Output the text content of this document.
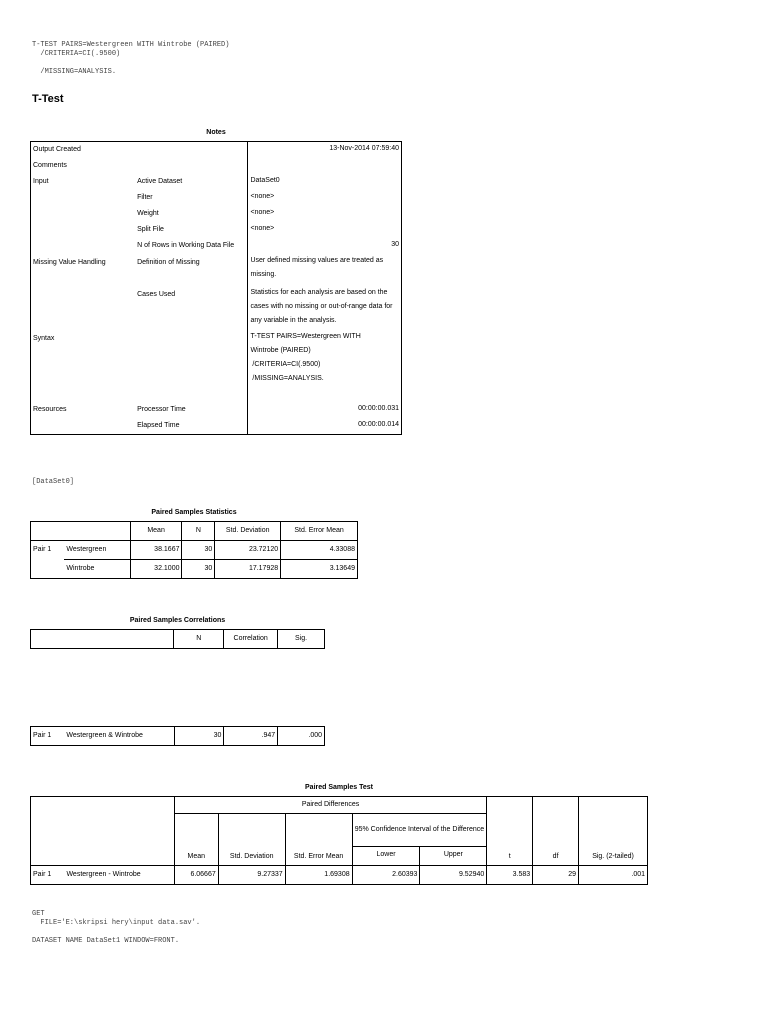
T-TEST PAIRS=Westergreen WITH Wintrobe (PAIRED)
/CRITERIA=CI(.9500)
/MISSING=ANALYSIS.
T-Test
Notes
Output Created		13-Nov-2014 07:59:40
Comments		
Input	Active Dataset	DataSet0
	Filter	<none>
	Weight	<none>
	Split File	<none>
	N of Rows in Working Data File	30
Missing Value Handling	Definition of Missing	User defined missing values are treated as missing.
	Cases Used	Statistics for each analysis are based on the cases with no missing or out-of-range data for any variable in the analysis.
Syntax		T-TEST PAIRS=Westergreen WITH
Wintrobe (PAIRED)
/CRITERIA=CI(.9500)
/MISSING=ANALYSIS.

Resources	Processor Time	00:00:00.031
	Elapsed Time	00:00:00.014
[DataSet0]
Paired Samples Statistics
		Mean	N	Std. Deviation	Std. Error Mean
Pair 1	Westergreen	38.1667	30	23.72120	4.33088
	Wintrobe	32.1000	30	17.17928	3.13649
Paired Samples Correlations
	N	Correlation	Sig.
Pair 1	Westergreen & Wintrobe	30	.947	.000
Paired Samples Test
		Paired Differences					t	df	Sig. (2-tailed)
		Mean	Std. Deviation	Std. Error Mean	95% Confidence Interval of the Difference				
					Lower	Upper			
Pair 1	Westergreen - Wintrobe	6.06667	9.27337	1.69308	2.60393	9.52940	3.583	29	.001
GET
FILE='E:\skripsi hery\input data.sav'.
DATASET NAME DataSet1 WINDOW=FRONT.
